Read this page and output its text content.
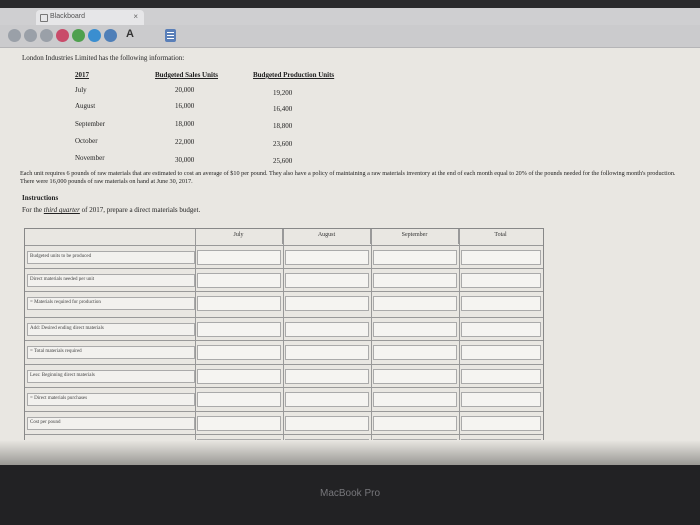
Blackboard	×
A
London Industries Limited has the following information:
2017	Budgeted Sales Units	Budgeted Production Units
July	20,000	19,200
August	16,000	16,400
September	18,000	18,800
October	22,000	23,600
November	30,000	25,600
Each unit requires 6 pounds of raw materials that are estimated to cost an average of $10 per pound. They also have a policy of maintaining a raw materials inventory at the end of each month equal to 20% of the pounds needed for the following month's production. There were 16,000 pounds of raw materials on hand at June 30, 2017.
Instructions
For the third quarter of 2017, prepare a direct materials budget.
July	August	September	Total
Budgeted units to be produced
Direct materials needed per unit
= Materials required for production
Add: Desired ending direct materials
= Total materials required
Less: Beginning direct materials
= Direct materials purchases
Cost per pound
MacBook Pro
